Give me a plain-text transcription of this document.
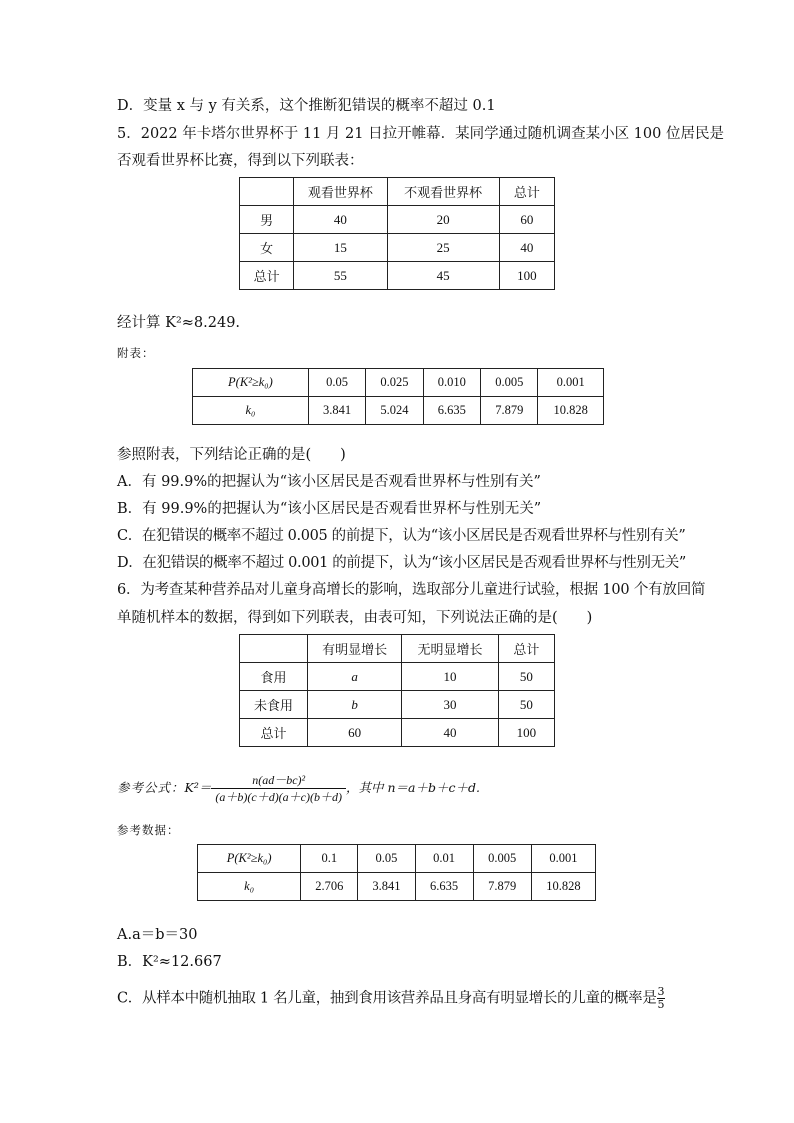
D．变量 x 与 y 有关系，这个推断犯错误的概率不超过 0.1
5．2022 年卡塔尔世界杯于 11 月 21 日拉开帷幕．某同学通过随机调查某小区 100 位居民是
否观看世界杯比赛，得到以下列联表：
	观看世界杯	不观看世界杯	总计
男	40	20	60
女	15	25	40
总计	55	45	100
经计算 K²≈8.249.
附表：
P(K²≥k₀)	0.05	0.025	0.010	0.005	0.001
k₀	3.841	5.024	6.635	7.879	10.828
参照附表，下列结论正确的是(　　)
A．有 99.9%的把握认为“该小区居民是否观看世界杯与性别有关”
B．有 99.9%的把握认为“该小区居民是否观看世界杯与性别无关”
C．在犯错误的概率不超过 0.005 的前提下，认为“该小区居民是否观看世界杯与性别有关”
D．在犯错误的概率不超过 0.001 的前提下，认为“该小区居民是否观看世界杯与性别无关”
6．为考查某种营养品对儿童身高增长的影响，选取部分儿童进行试验，根据 100 个有放回简
单随机样本的数据，得到如下列联表，由表可知，下列说法正确的是(　　)
	有明显增长	无明显增长	总计
食用	a	10	50
未食用	b	30	50
总计	60	40	100
参考公式：$K^2= \frac{\text{n(ad－bc)²}}{(a+b)(c+d)(a+c)(b+d)}$ ，其中 n＝a＋b＋c＋d.
参考数据：
P(K²≥k₀)	0.1	0.05	0.01	0.005	0.001
k₀	2.706	3.841	6.635	7.879	10.828
A.a＝b＝30
B．K²≈12.667
C．从样本中随机抽取 1 名儿童，抽到食用该营养品且身高有明显增长的儿童的概率是 $\frac{3}{5}$
